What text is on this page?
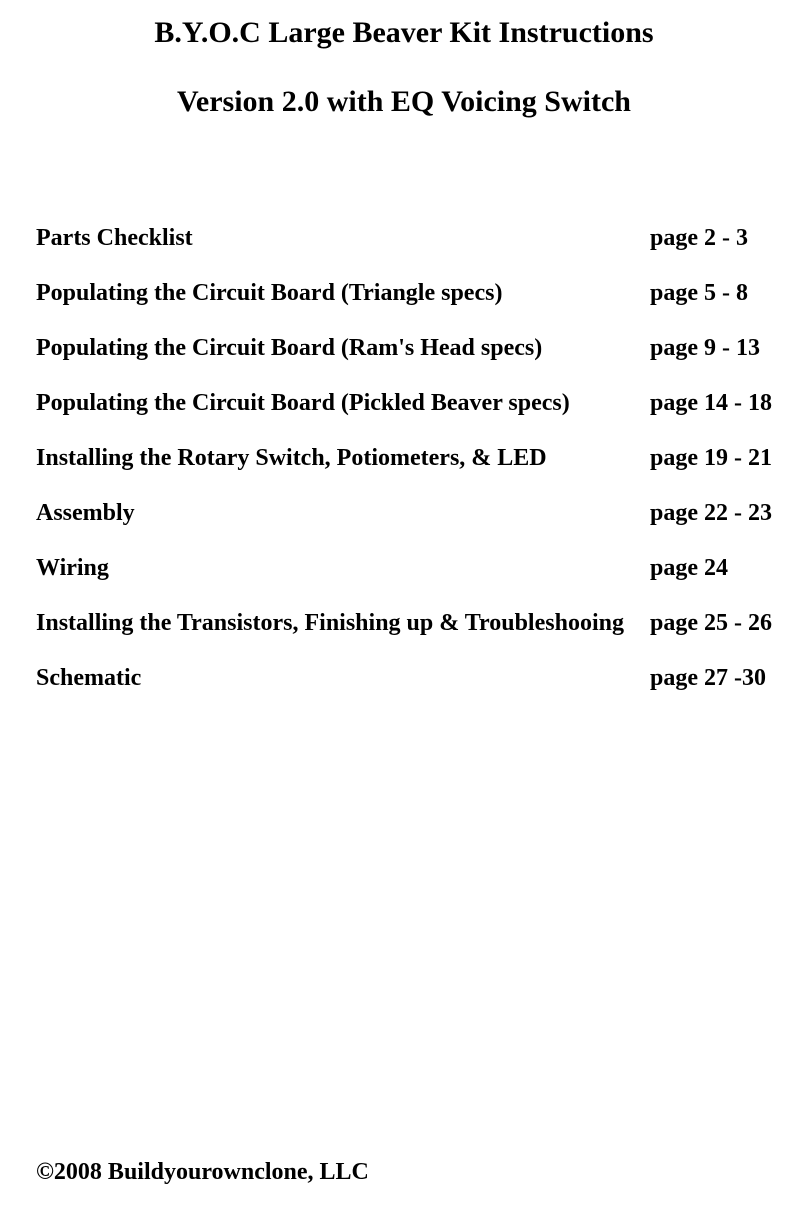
B.Y.O.C Large Beaver Kit Instructions
Version 2.0 with EQ Voicing Switch
Parts Checklist	page 2 - 3
Populating the Circuit Board (Triangle specs)	page 5 - 8
Populating the Circuit Board (Ram's Head specs)	page 9 - 13
Populating the Circuit Board (Pickled Beaver specs)	page 14 - 18
Installing the Rotary Switch, Potiometers, & LED	page 19 - 21
Assembly	page 22 - 23
Wiring	page 24
Installing the Transistors, Finishing up & Troubleshooing page 25 - 26
Schematic	page 27 -30

©2008 Buildyourownclone, LLC
